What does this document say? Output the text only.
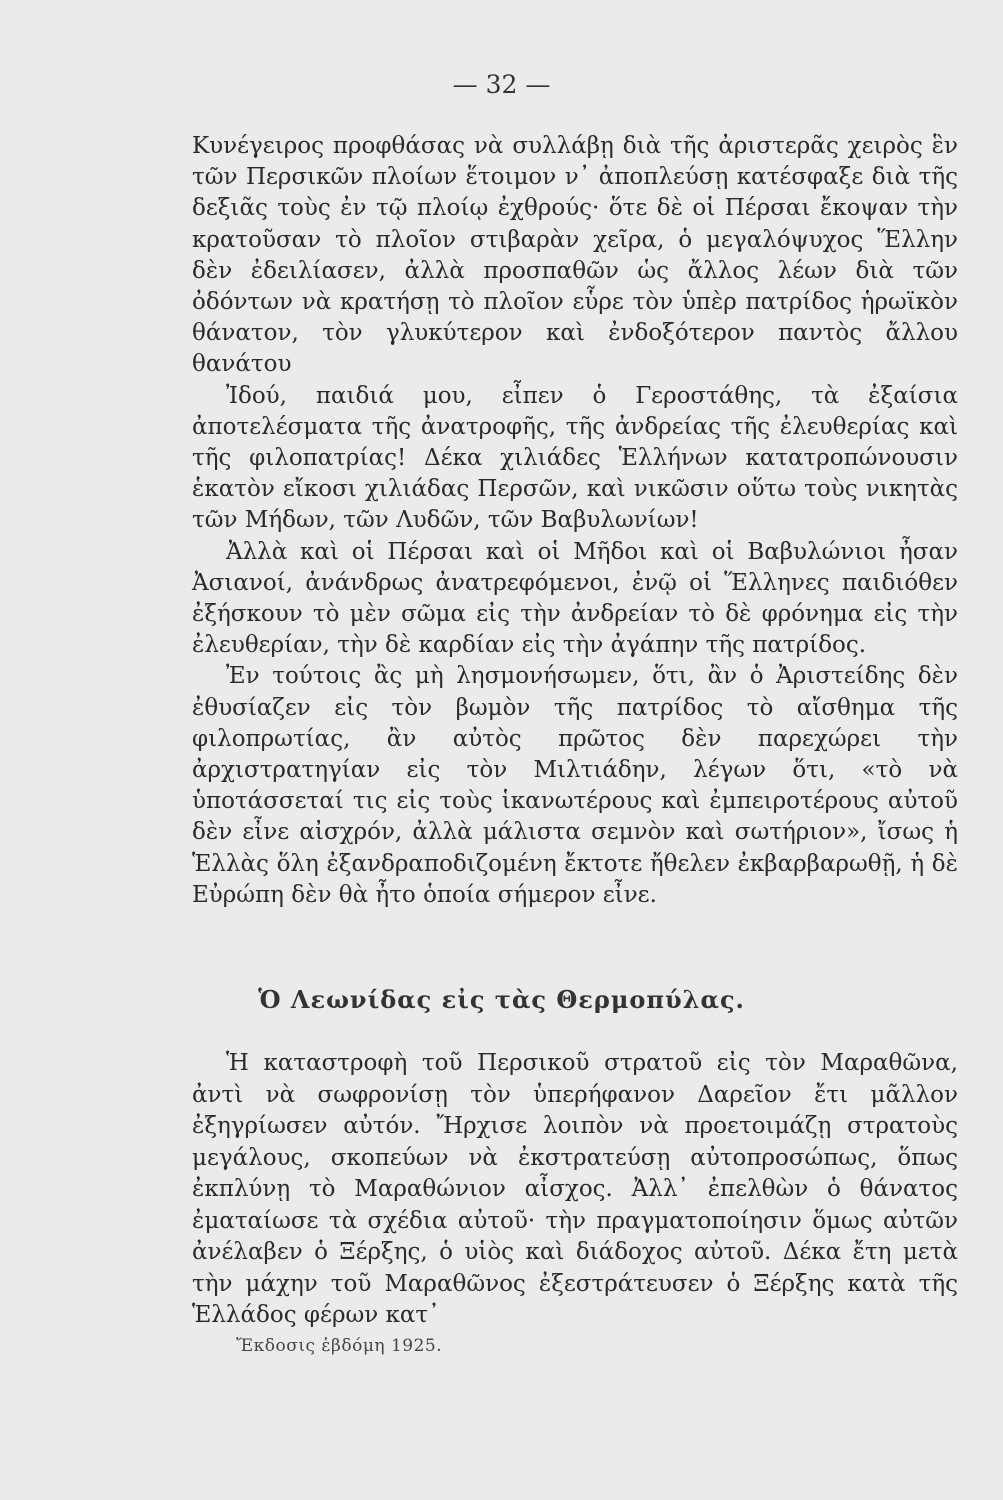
— 32 —

Κυνέγειρος προφθάσας νὰ συλλάβῃ διὰ τῆς ἀριστερᾶς χειρὸς ἓν τῶν Περσικῶν πλοίων ἕτοιμον ν᾿ ἀποπλεύσῃ κατέσφαξε διὰ τῆς δεξιᾶς τοὺς ἐν τῷ πλοίῳ ἐχθρούς· ὅτε δὲ οἱ Πέρσαι ἔκοψαν τὴν κρατοῦσαν τὸ πλοῖον στιβαρὰν χεῖρα, ὁ μεγαλόψυχος Ἕλλην δὲν ἐδειλίασεν, ἀλλὰ προσπαθῶν ὡς ἄλλος λέων διὰ τῶν ὀδόντων νὰ κρατήσῃ τὸ πλοῖον εὗρε τὸν ὑπὲρ πατρίδος ἡρωϊκὸν θάνατον, τὸν γλυκύτερον καὶ ἐνδοξότερον παντὸς ἄλλου θανάτου

Ἰδού, παιδιά μου, εἶπεν ὁ Γεροστάθης, τὰ ἐξαίσια ἀποτελέσματα τῆς ἀνατροφῆς, τῆς ἀνδρείας τῆς ἐλευθερίας καὶ τῆς φιλοπατρίας! Δέκα χιλιάδες Ἑλλήνων κατατροπώνουσιν ἑκατὸν εἴκοσι χιλιάδας Περσῶν, καὶ νικῶσιν οὕτω τοὺς νικητὰς τῶν Μήδων, τῶν Λυδῶν, τῶν Βαβυλωνίων!

Ἀλλὰ καὶ οἱ Πέρσαι καὶ οἱ Μῆδοι καὶ οἱ Βαβυλώνιοι ἦσαν Ἀσιανοί, ἀνάνδρως ἀνατρεφόμενοι, ἐνῷ οἱ Ἕλληνες παιδιόθεν ἐξήσκουν τὸ μὲν σῶμα εἰς τὴν ἀνδρείαν τὸ δὲ φρόνημα εἰς τὴν ἐλευθερίαν, τὴν δὲ καρδίαν εἰς τὴν ἀγάπην τῆς πατρίδος.

Ἐν τούτοις ἂς μὴ λησμονήσωμεν, ὅτι, ἂν ὁ Ἀριστείδης δὲν ἐθυσίαζεν εἰς τὸν βωμὸν τῆς πατρίδος τὸ αἴσθημα τῆς φιλοπρωτίας, ἂν αὐτὸς πρῶτος δὲν παρεχώρει τὴν ἀρχιστρατηγίαν εἰς τὸν Μιλτιάδην, λέγων ὅτι, «τὸ νὰ ὑποτάσσεταί τις εἰς τοὺς ἱκανωτέρους καὶ ἐμπειροτέρους αὐτοῦ δὲν εἶνε αἰσχρόν, ἀλλὰ μάλιστα σεμνὸν καὶ σωτήριον», ἴσως ἡ Ἑλλὰς ὅλη ἐξανδραποδιζομένη ἔκτοτε ἤθελεν ἐκβαρβαρωθῇ, ἡ δὲ Εὐρώπη δὲν θὰ ἦτο ὁποία σήμερον εἶνε.

Ὁ Λεωνίδας εἰς τὰς Θερμοπύλας.

Ἡ καταστροφὴ τοῦ Περσικοῦ στρατοῦ εἰς τὸν Μαραθῶνα, ἀντὶ νὰ σωφρονίσῃ τὸν ὑπερήφανον Δαρεῖον ἔτι μᾶλλον ἐξηγρίωσεν αὐτόν. Ἤρχισε λοιπὸν νὰ προετοιμάζῃ στρατοὺς μεγάλους, σκοπεύων νὰ ἐκστρατεύσῃ αὐτοπροσώπως, ὅπως ἐκπλύνῃ τὸ Μαραθώνιον αἶσχος. Ἀλλ᾿ ἐπελθὼν ὁ θάνατος ἐματαίωσε τὰ σχέδια αὐτοῦ· τὴν πραγματοποίησιν ὅμως αὐτῶν ἀνέλαβεν ὁ Ξέρξης, ὁ υἱὸς καὶ διάδοχος αὐτοῦ. Δέκα ἔτη μετὰ τὴν μάχην τοῦ Μαραθῶνος ἐξεστράτευσεν ὁ Ξέρξης κατὰ τῆς Ἑλλάδος φέρων κατ᾿

Ἔκδοσις ἑβδόμη 1925.
